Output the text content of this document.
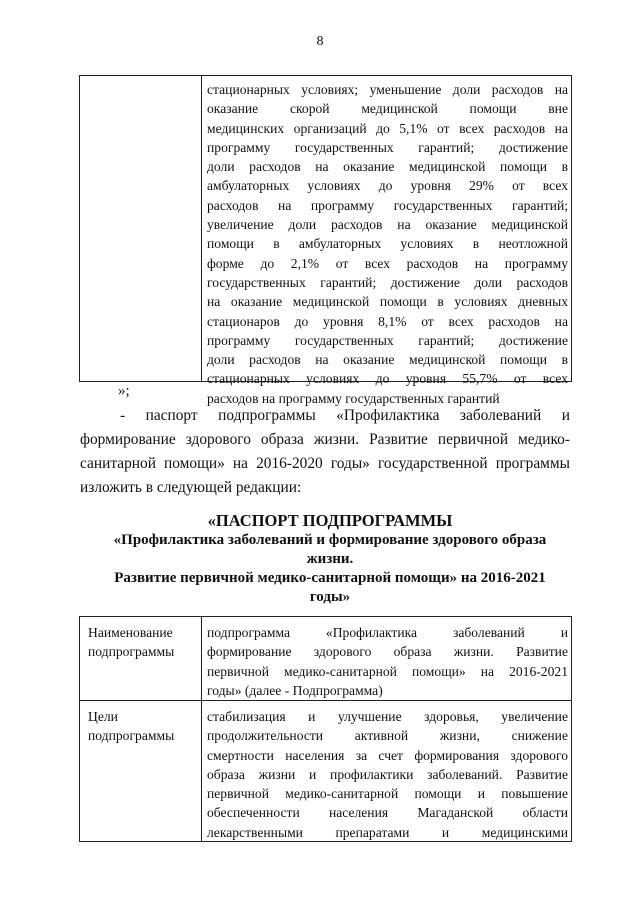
8
стационарных условиях; уменьшение доли расходов на
оказание скорой медицинской помощи вне
медицинских организаций до 5,1% от всех расходов на
программу государственных гарантий; достижение
доли расходов на оказание медицинской помощи в
амбулаторных условиях до уровня 29% от всех
расходов на программу государственных гарантий;
увеличение доли расходов на оказание медицинской
помощи в амбулаторных условиях в неотложной
форме до 2,1% от всех расходов на программу
государственных гарантий; достижение доли расходов
на оказание медицинской помощи в условиях дневных
стационаров до уровня 8,1% от всех расходов на
программу государственных гарантий; достижение
доли расходов на оказание медицинской помощи в
стационарных условиях до уровня 55,7% от всех
расходов на программу государственных гарантий
»;
- паспорт подпрограммы «Профилактика заболеваний и
формирование здорового образа жизни. Развитие первичной медико-
санитарной помощи» на 2016-2020 годы» государственной программы
изложить в следующей редакции:
«ПАСПОРТ ПОДПРОГРАММЫ
«Профилактика заболеваний и формирование здорового образа
жизни.
Развитие первичной медико-санитарной помощи» на 2016-2021
годы»
Наименование
подпрограммы
подпрограмма «Профилактика заболеваний и
формирование здорового образа жизни. Развитие
первичной медико-санитарной помощи» на 2016-2021
годы» (далее - Подпрограмма)
Цели
подпрограммы
стабилизация и улучшение здоровья, увеличение
продолжительности активной жизни, снижение
смертности населения за счет формирования здорового
образа жизни и профилактики заболеваний. Развитие
первичной медико-санитарной помощи и повышение
обеспеченности населения Магаданской области
лекарственными препаратами и медицинскими
